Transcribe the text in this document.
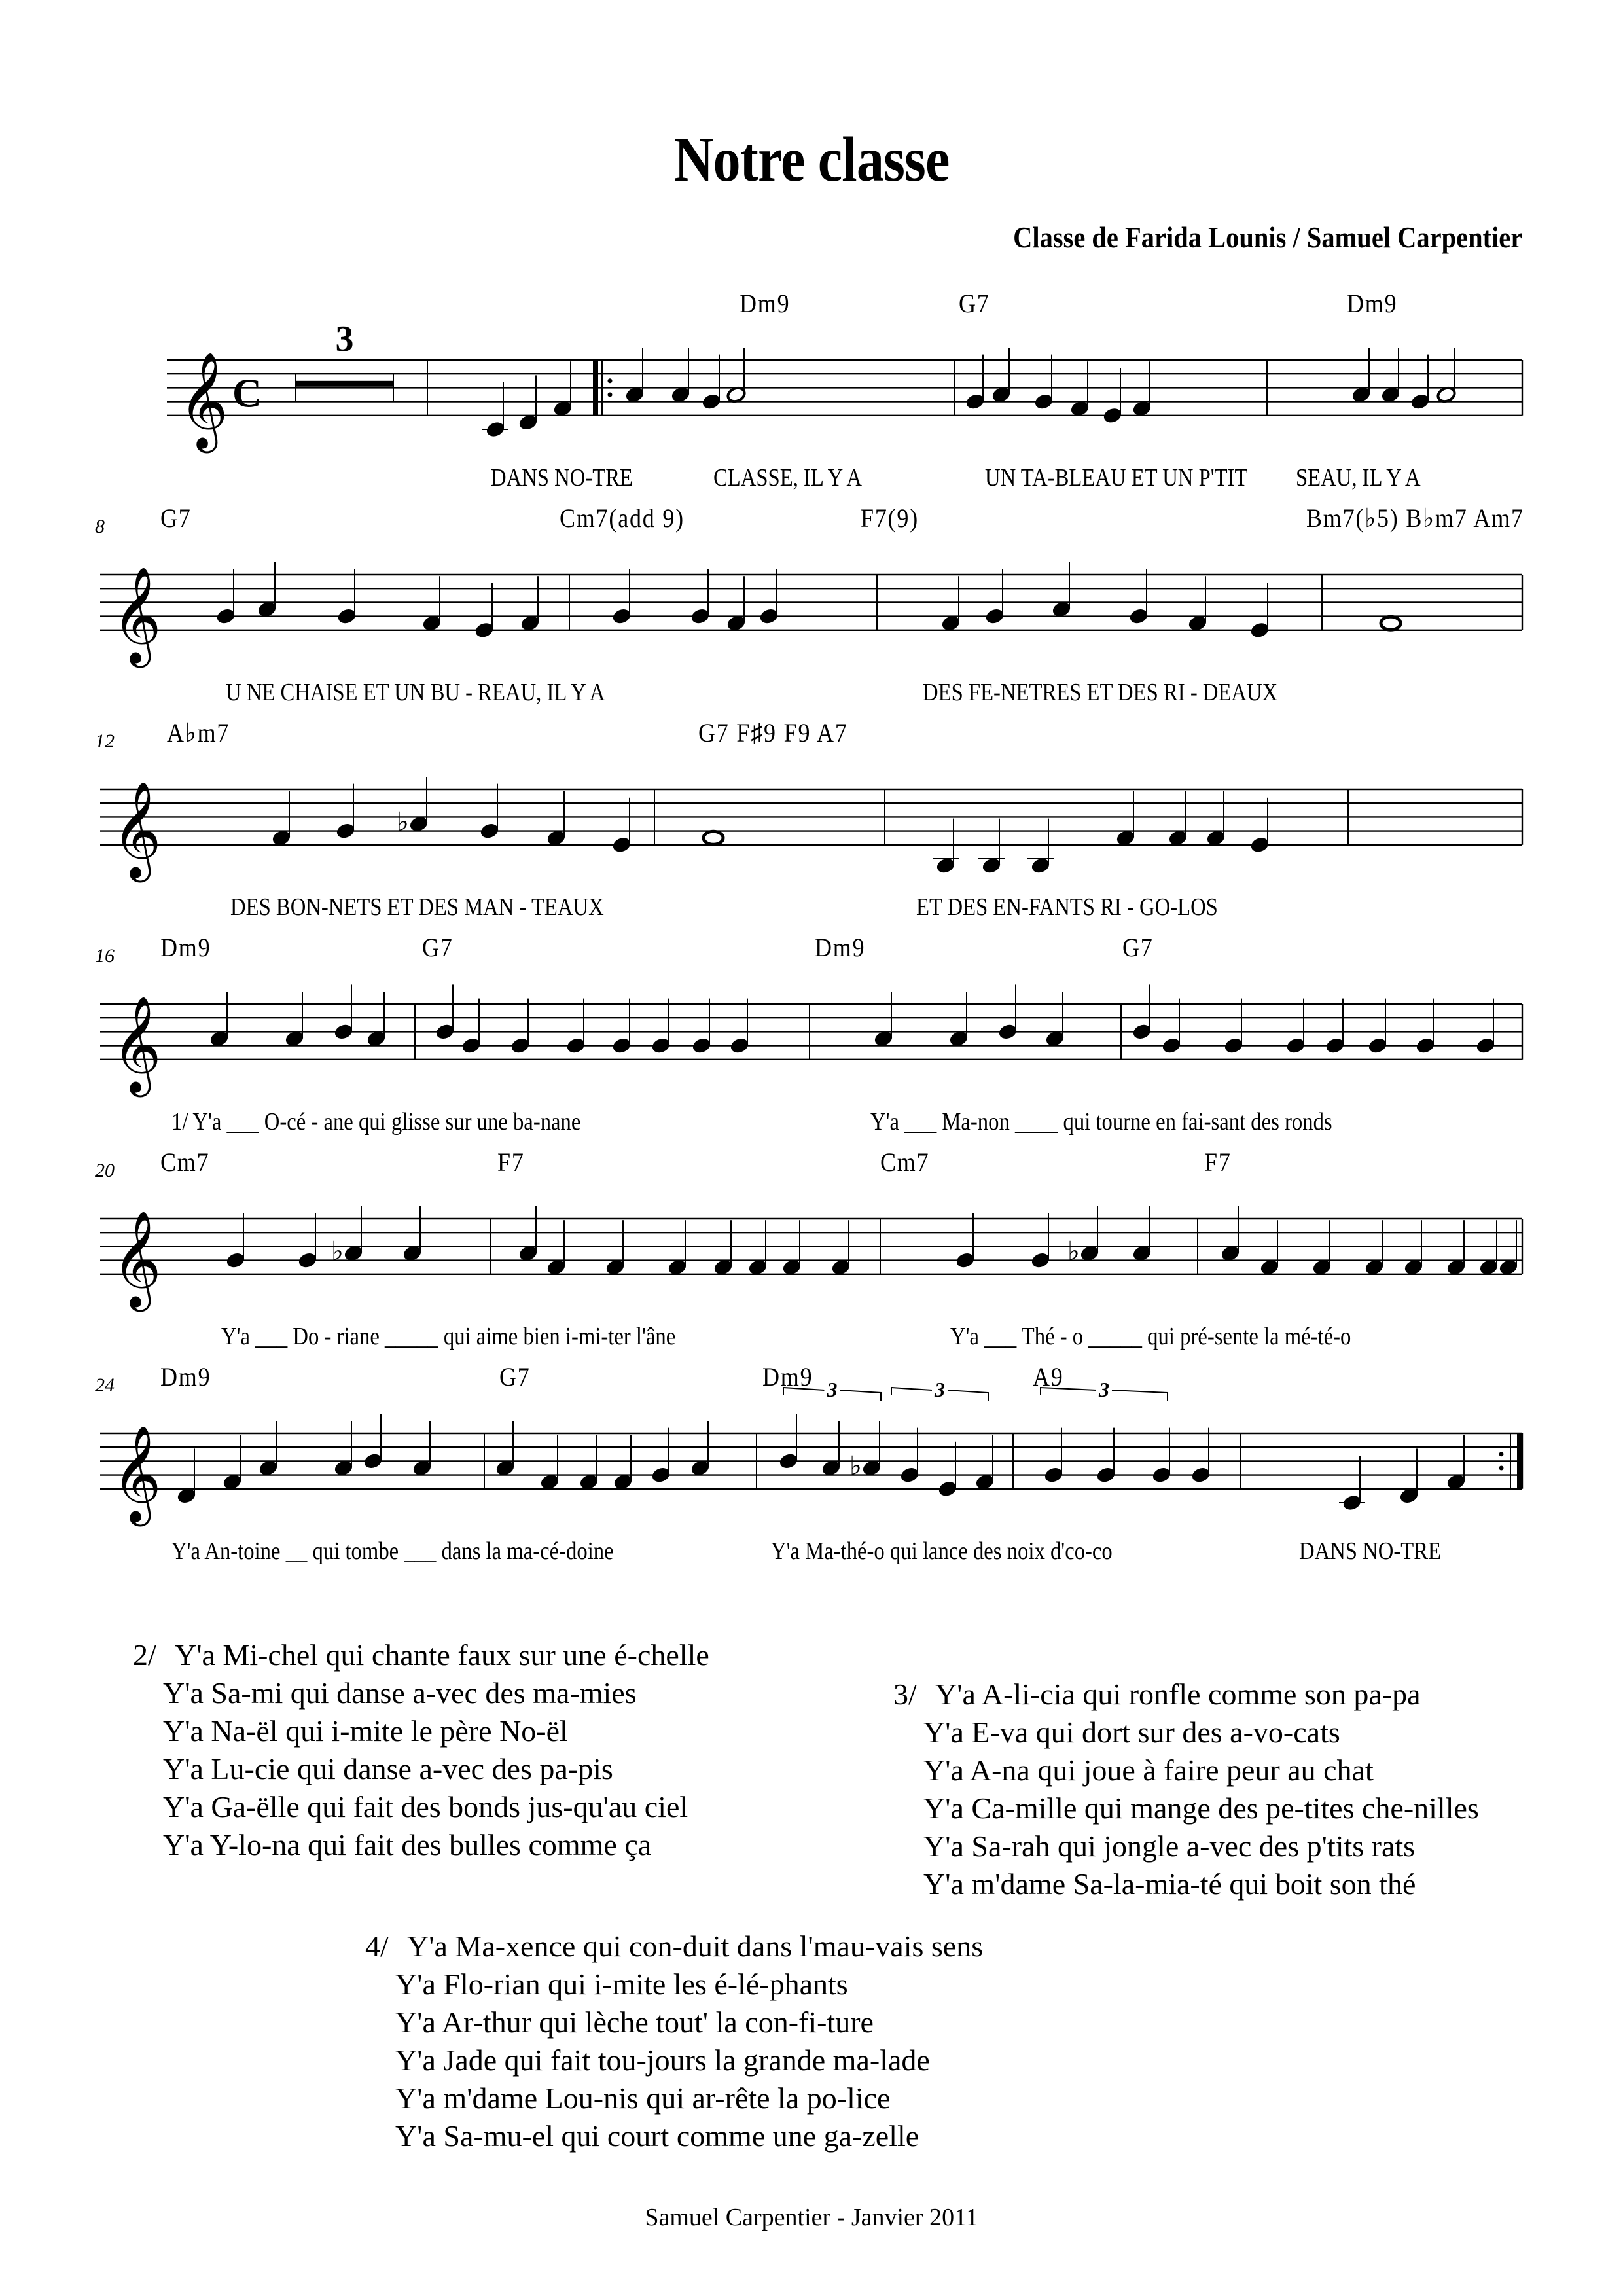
Notre classe
Classe de Farida Lounis / Samuel Carpentier
𝄞 C
3
Dm9	G7	Dm9
DANS NO-TRE	CLASSE, IL Y A	UN TA-BLEAU ET UN P'TIT SEAU, IL Y A
𝄞
8 G7	Cm7(add 9)	F7(9)	Bm7(♭5) B♭m7 Am7
U NE CHAISE ET UN BU - REAU, IL Y A	DES FE-NETRES ET DES RI - DEAUX
𝄞	♭
12 A♭m7	G7 F♯9 F9 A7
DES BON-NETS ET DES MAN - TEAUX	ET DES EN-FANTS RI - GO-LOS
𝄞
16 Dm9	G7	Dm9	G7
1/ Y'a ___ O-cé - ane qui glisse sur une ba-nane	Y'a ___ Ma-non ____ qui tourne en fai-sant des ronds
𝄞	♭	♭
20 Cm7	F7	Cm7	F7
Y'a ___ Do - riane _____ qui aime bien i-mi-ter l'âne	Y'a ___ Thé - o _____ qui pré-sente la mé-té-o
𝄞
3	3	3
♭
24 Dm9	G7	Dm9	A9
Y'a An-toine __ qui tombe ___ dans la ma-cé-doine	Y'a Ma-thé-o qui lance des noix d'co-co	DANS NO-TRE
2/ Y'a Mi-chel qui chante faux sur une é-chelle
Y'a Sa-mi qui danse a-vec des ma-mies
Y'a Na-ël qui i-mite le père No-ël
Y'a Lu-cie qui danse a-vec des pa-pis
Y'a Ga-ëlle qui fait des bonds jus-qu'au ciel
Y'a Y-lo-na qui fait des bulles comme ça
3/ Y'a A-li-cia qui ronfle comme son pa-pa
Y'a E-va qui dort sur des a-vo-cats
Y'a A-na qui joue à faire peur au chat
Y'a Ca-mille qui mange des pe-tites che-nilles
Y'a Sa-rah qui jongle a-vec des p'tits rats
Y'a m'dame Sa-la-mia-té qui boit son thé
4/ Y'a Ma-xence qui con-duit dans l'mau-vais sens
Y'a Flo-rian qui i-mite les é-lé-phants
Y'a Ar-thur qui lèche tout' la con-fi-ture
Y'a Jade qui fait tou-jours la grande ma-lade
Y'a m'dame Lou-nis qui ar-rête la po-lice
Y'a Sa-mu-el qui court comme une ga-zelle
Samuel Carpentier - Janvier 2011
